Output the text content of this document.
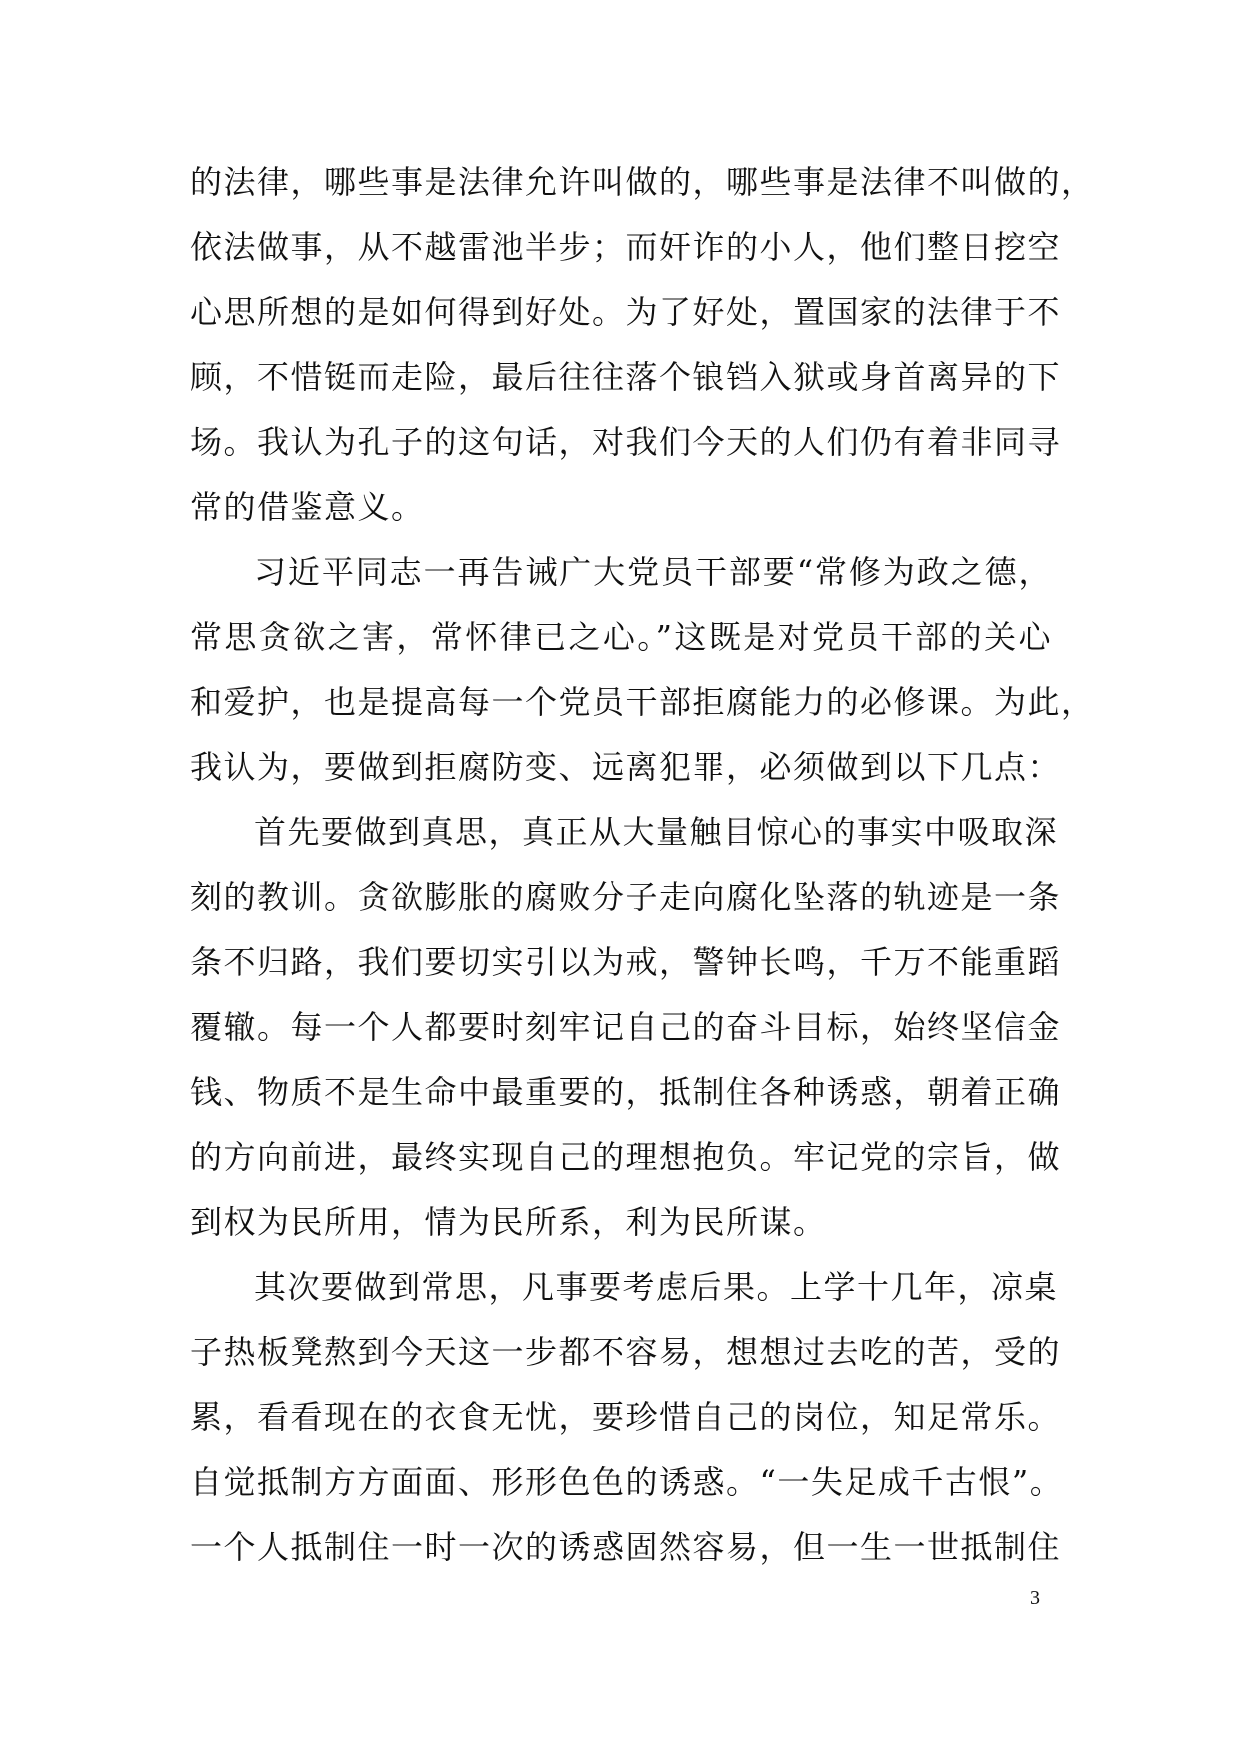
的法律，哪些事是法律允许叫做的，哪些事是法律不叫做的，
依法做事，从不越雷池半步；而奸诈的小人，他们整日挖空
心思所想的是如何得到好处。为了好处，置国家的法律于不
顾，不惜铤而走险，最后往往落个锒铛入狱或身首离异的下
场。我认为孔子的这句话，对我们今天的人们仍有着非同寻
常的借鉴意义。
习近平同志一再告诫广大党员干部要“常修为政之德，
常思贪欲之害，常怀律已之心。”这既是对党员干部的关心
和爱护，也是提高每一个党员干部拒腐能力的必修课。为此，
我认为，要做到拒腐防变、远离犯罪，必须做到以下几点：
首先要做到真思，真正从大量触目惊心的事实中吸取深
刻的教训。贪欲膨胀的腐败分子走向腐化坠落的轨迹是一条
条不归路，我们要切实引以为戒，警钟长鸣，千万不能重蹈
覆辙。每一个人都要时刻牢记自己的奋斗目标，始终坚信金
钱、物质不是生命中最重要的，抵制住各种诱惑，朝着正确
的方向前进，最终实现自己的理想抱负。牢记党的宗旨，做
到权为民所用，情为民所系，利为民所谋。
其次要做到常思，凡事要考虑后果。上学十几年，凉桌
子热板凳熬到今天这一步都不容易，想想过去吃的苦，受的
累，看看现在的衣食无忧，要珍惜自己的岗位，知足常乐。
自觉抵制方方面面、形形色色的诱惑。“一失足成千古恨”。
一个人抵制住一时一次的诱惑固然容易，但一生一世抵制住
3
